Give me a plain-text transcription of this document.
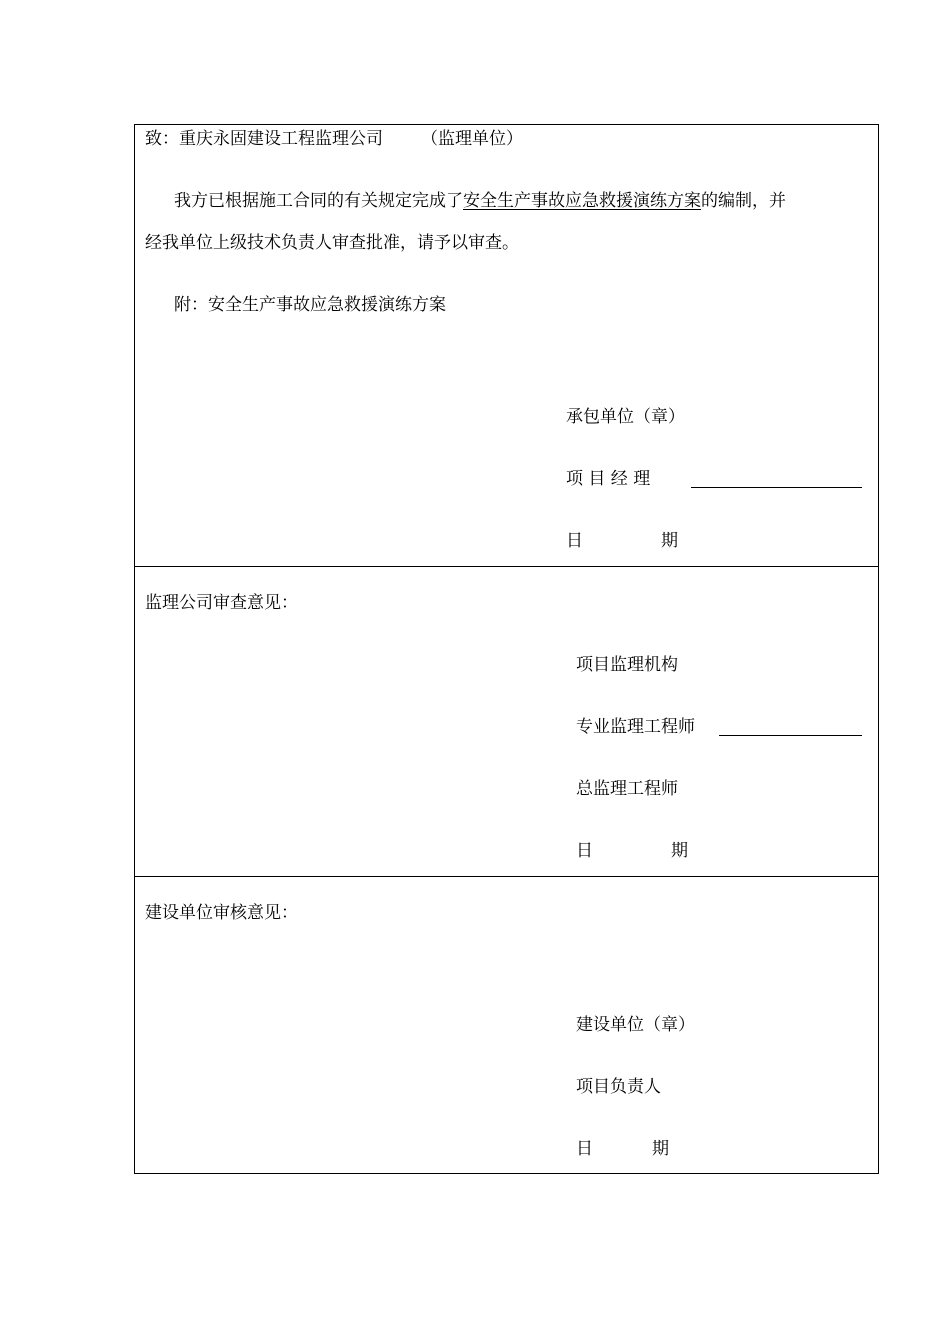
致：重庆永固建设工程监理公司 （监理单位）
我方已根据施工合同的有关规定完成了安全生产事故应急救援演练方案的编制，并
经我单位上级技术负责人审查批准，请予以审查。
附：安全生产事故应急救援演练方案
承包单位（章）
项 目 经 理
日	期
监理公司审查意见：
项目监理机构
专业监理工程师
总监理工程师
日	期
建设单位审核意见：
建设单位（章）
项目负责人
日	期
